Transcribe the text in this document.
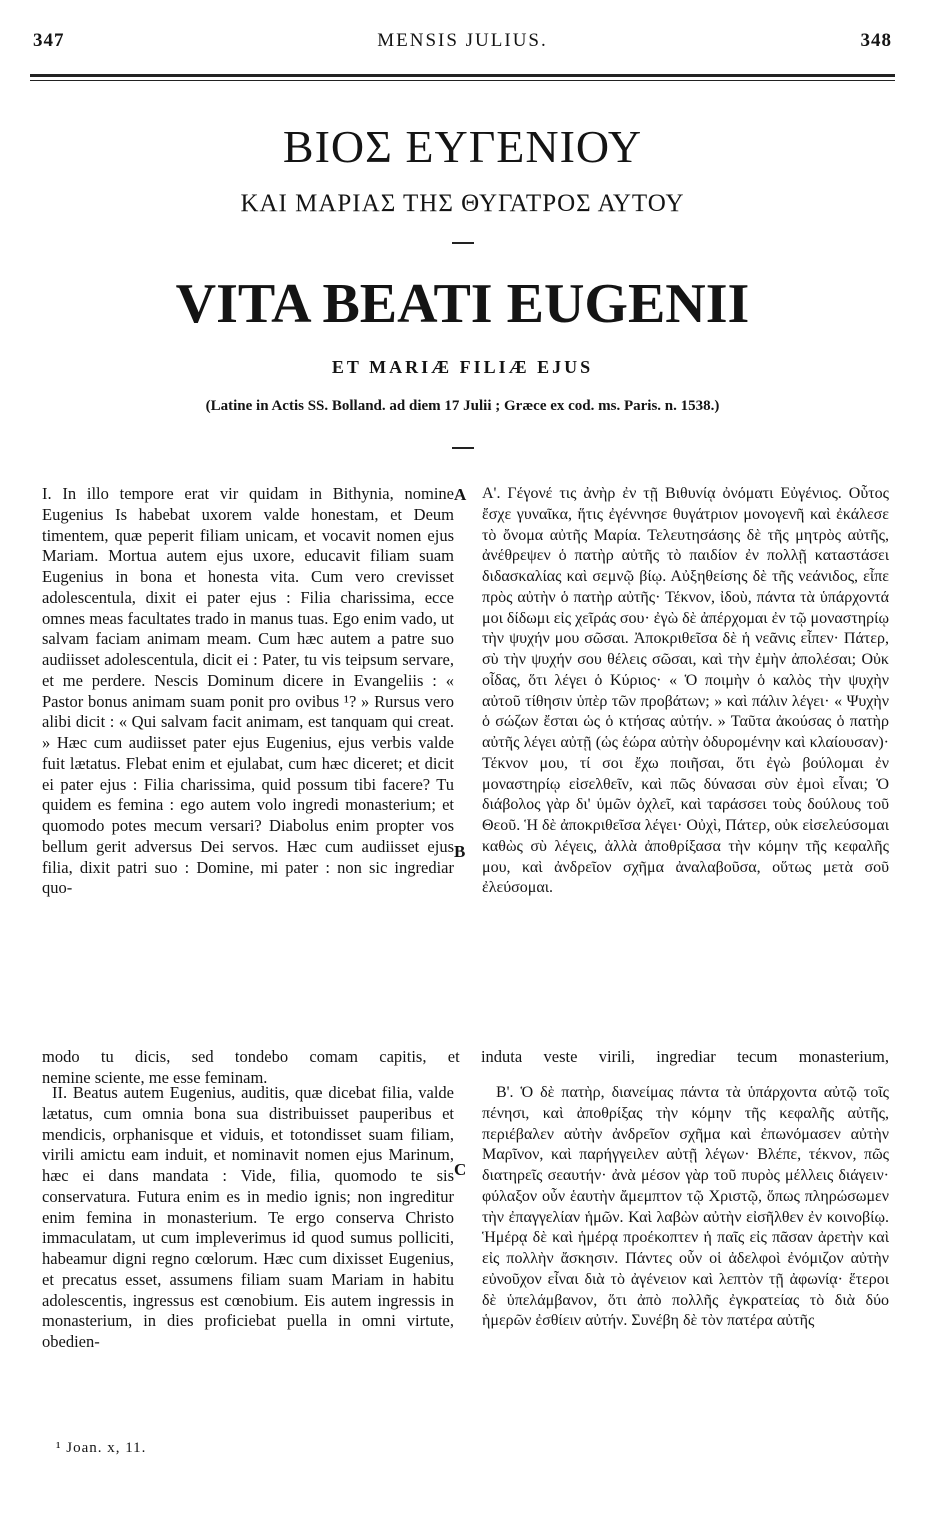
347	MENSIS JULIUS.	348
ΒΙΟΣ ΕΥΓΕΝΙΟΥ
ΚΑΙ ΜΑΡΙΑΣ ΤΗΣ ΘΥΓΑΤΡΟΣ ΑΥΤΟΥ
VITA BEATI EUGENII
ET MARIÆ FILIÆ EJUS
(Latine in Actis SS. Bolland. ad diem 17 Julii ; Græce ex cod. ms. Paris. n. 1538.)

I. In illo tempore erat vir quidam in Bithynia, nomine Eugenius Is habebat uxorem valde honestam, et Deum timentem, quæ peperit filiam unicam, et vocavit nomen ejus Mariam. Mortua autem ejus uxore, educavit filiam suam Eugenius in bona et honesta vita. Cum vero crevisset adolescentula, dixit ei pater ejus : Filia charissima, ecce omnes meas facultates trado in manus tuas. Ego enim vado, ut salvam faciam animam meam. Cum hæc autem a patre suo audiisset adolescentula, dicit ei : Pater, tu vis teipsum servare, et me perdere. Nescis Dominum dicere in Evangeliis : « Pastor bonus animam suam ponit pro ovibus ¹? » Rursus vero alibi dicit : « Qui salvam facit animam, est tanquam qui creat. » Hæc cum audiisset pater ejus Eugenius, ejus verbis valde fuit lætatus. Flebat enim et ejulabat, cum hæc diceret; et dicit ei pater ejus : Filia charissima, quid possum tibi facere? Tu quidem es femina : ego autem volo ingredi monasterium; et quomodo potes mecum versari? Diabolus enim propter vos bellum gerit adversus Dei servos. Hæc cum audiisset ejus filia, dixit patri suo : Domine, mi pater : non sic ingrediar quo-

Α'. Γέγονέ τις ἀνὴρ ἐν τῇ Βιθυνίᾳ ὀνόματι Εὐγένιος. Οὗτος ἔσχε γυναῖκα, ἥτις ἐγέννησε θυγάτριον μονογενῆ καὶ ἐκάλεσε τὸ ὄνομα αὐτῆς Μαρία. Τελευτησάσης δὲ τῆς μητρὸς αὐτῆς, ἀνέθρεψεν ὁ πατὴρ αὐτῆς τὸ παιδίον ἐν πολλῇ καταστάσει διδασκαλίας καὶ σεμνῷ βίῳ. Αὐξηθείσης δὲ τῆς νεάνιδος, εἶπε πρὸς αὐτὴν ὁ πατὴρ αὐτῆς· Τέκνον, ἰδοὺ, πάντα τὰ ὑπάρχοντά μοι δίδωμι εἰς χεῖράς σου· ἐγὼ δὲ ἀπέρχομαι ἐν τῷ μοναστηρίῳ τὴν ψυχήν μου σῶσαι. Ἀποκριθεῖσα δὲ ἡ νεᾶνις εἶπεν· Πάτερ, σὺ τὴν ψυχήν σου θέλεις σῶσαι, καὶ τὴν ἐμὴν ἀπολέσαι; Οὐκ οἶδας, ὅτι λέγει ὁ Κύριος· « Ὁ ποιμὴν ὁ καλὸς τὴν ψυχὴν αὐτοῦ τίθησιν ὑπὲρ τῶν προβάτων; » καὶ πάλιν λέγει· « Ψυχὴν ὁ σώζων ἔσται ὡς ὁ κτήσας αὐτήν. » Ταῦτα ἀκούσας ὁ πατὴρ αὐτῆς λέγει αὐτῇ (ὡς ἑώρα αὐτὴν ὀδυρομένην καὶ κλαίουσαν)· Τέκνον μου, τί σοι ἔχω ποιῆσαι, ὅτι ἐγὼ βούλομαι ἐν μοναστηρίῳ εἰσελθεῖν, καὶ πῶς δύνασαι σὺν ἐμοὶ εἶναι; Ὁ διάβολος γὰρ δι' ὑμῶν ὀχλεῖ, καὶ ταράσσει τοὺς δούλους τοῦ Θεοῦ. Ἡ δὲ ἀποκριθεῖσα λέγει· Οὐχὶ, Πάτερ, οὐκ εἰσελεύσομαι καθὼς σὺ λέγεις, ἀλλὰ ἀποθρίξασα τὴν κόμην τῆς κεφαλῆς μου, καὶ ἀνδρεῖον σχῆμα ἀναλαβοῦσα, οὕτως μετὰ σοῦ ἐλεύσομαι.

A
B
C
modo tu dicis, sed tondebo comam capitis, et induta veste virili, ingrediar tecum monasterium,
nemine sciente, me esse feminam.

II. Beatus autem Eugenius, auditis, quæ dicebat filia, valde lætatus, cum omnia bona sua distribuisset pauperibus et mendicis, orphanisque et viduis, et totondisset suam filiam, virili amictu eam induit, et nominavit nomen ejus Marinum, hæc ei dans mandata : Vide, filia, quomodo te sis conservatura. Futura enim es in medio ignis; non ingreditur enim femina in monasterium. Te ergo conserva Christo immaculatam, ut cum impleverimus id quod sumus polliciti, habeamur digni regno cœlorum. Hæc cum dixisset Eugenius, et precatus esset, assumens filiam suam Mariam in habitu adolescentis, ingressus est cœnobium. Eis autem ingressis in monasterium, in dies proficiebat puella in omni virtute, obedien-

Β'. Ὁ δὲ πατὴρ, διανείμας πάντα τὰ ὑπάρχοντα αὐτῷ τοῖς πένησι, καὶ ἀποθρίξας τὴν κόμην τῆς κεφαλῆς αὐτῆς, περιέβαλεν αὐτὴν ἀνδρεῖον σχῆμα καὶ ἐπωνόμασεν αὐτὴν Μαρῖνον, καὶ παρήγγειλεν αὐτῇ λέγων· Βλέπε, τέκνον, πῶς διατηρεῖς σεαυτήν· ἀνὰ μέσον γὰρ τοῦ πυρὸς μέλλεις διάγειν· φύλαξον οὖν ἑαυτὴν ἄμεμπτον τῷ Χριστῷ, ὅπως πληρώσωμεν τὴν ἐπαγγελίαν ἡμῶν. Καὶ λαβὼν αὐτὴν εἰσῆλθεν ἐν κοινοβίῳ. Ἡμέρᾳ δὲ καὶ ἡμέρᾳ προέκοπτεν ἡ παῖς εἰς πᾶσαν ἀρετὴν καὶ εἰς πολλὴν ἄσκησιν. Πάντες οὖν οἱ ἀδελφοὶ ἐνόμιζον αὐτὴν εὐνοῦχον εἶναι διὰ τὸ ἀγένειον καὶ λεπτὸν τῇ ἀφωνίᾳ· ἕτεροι δὲ ὑπελάμβανον, ὅτι ἀπὸ πολλῆς ἐγκρατείας τὸ διὰ δύο ἡμερῶν ἐσθίειν αὐτήν. Συνέβη δὲ τὸν πατέρα αὐτῆς

¹ Joan. x, 11.
